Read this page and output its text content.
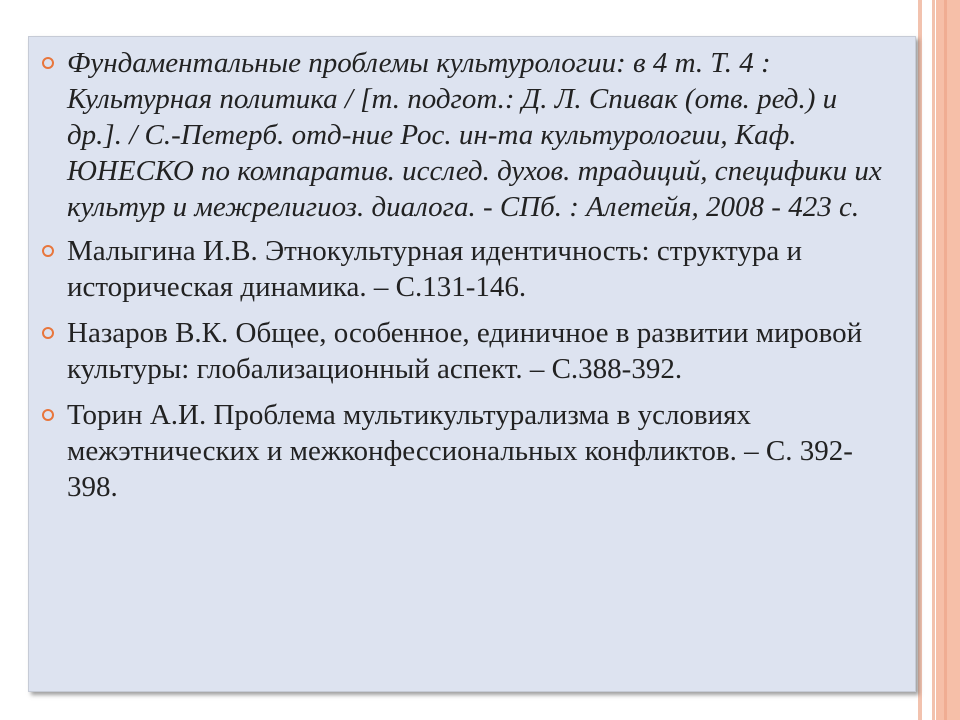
Фундаментальные проблемы культурологии: в 4 т. Т. 4 : Культурная политика / [т. подгот.: Д. Л. Спивак (отв. ред.) и др.]. / С.-Петерб. отд-ние Рос. ин-та культурологии, Каф. ЮНЕСКО по компаратив. исслед. духов. традиций, специфики их культур и межрелигиоз. диалога. - СПб. : Алетейя, 2008 - 423 с.
Малыгина И.В. Этнокультурная идентичность: структура и историческая динамика. – С.131-146.
Назаров В.К. Общее, особенное, единичное в развитии мировой культуры: глобализационный аспект. – С.388-392.
Торин А.И. Проблема мультикультурализма в условиях межэтнических и межконфессиональных конфликтов. – С. 392-398.
